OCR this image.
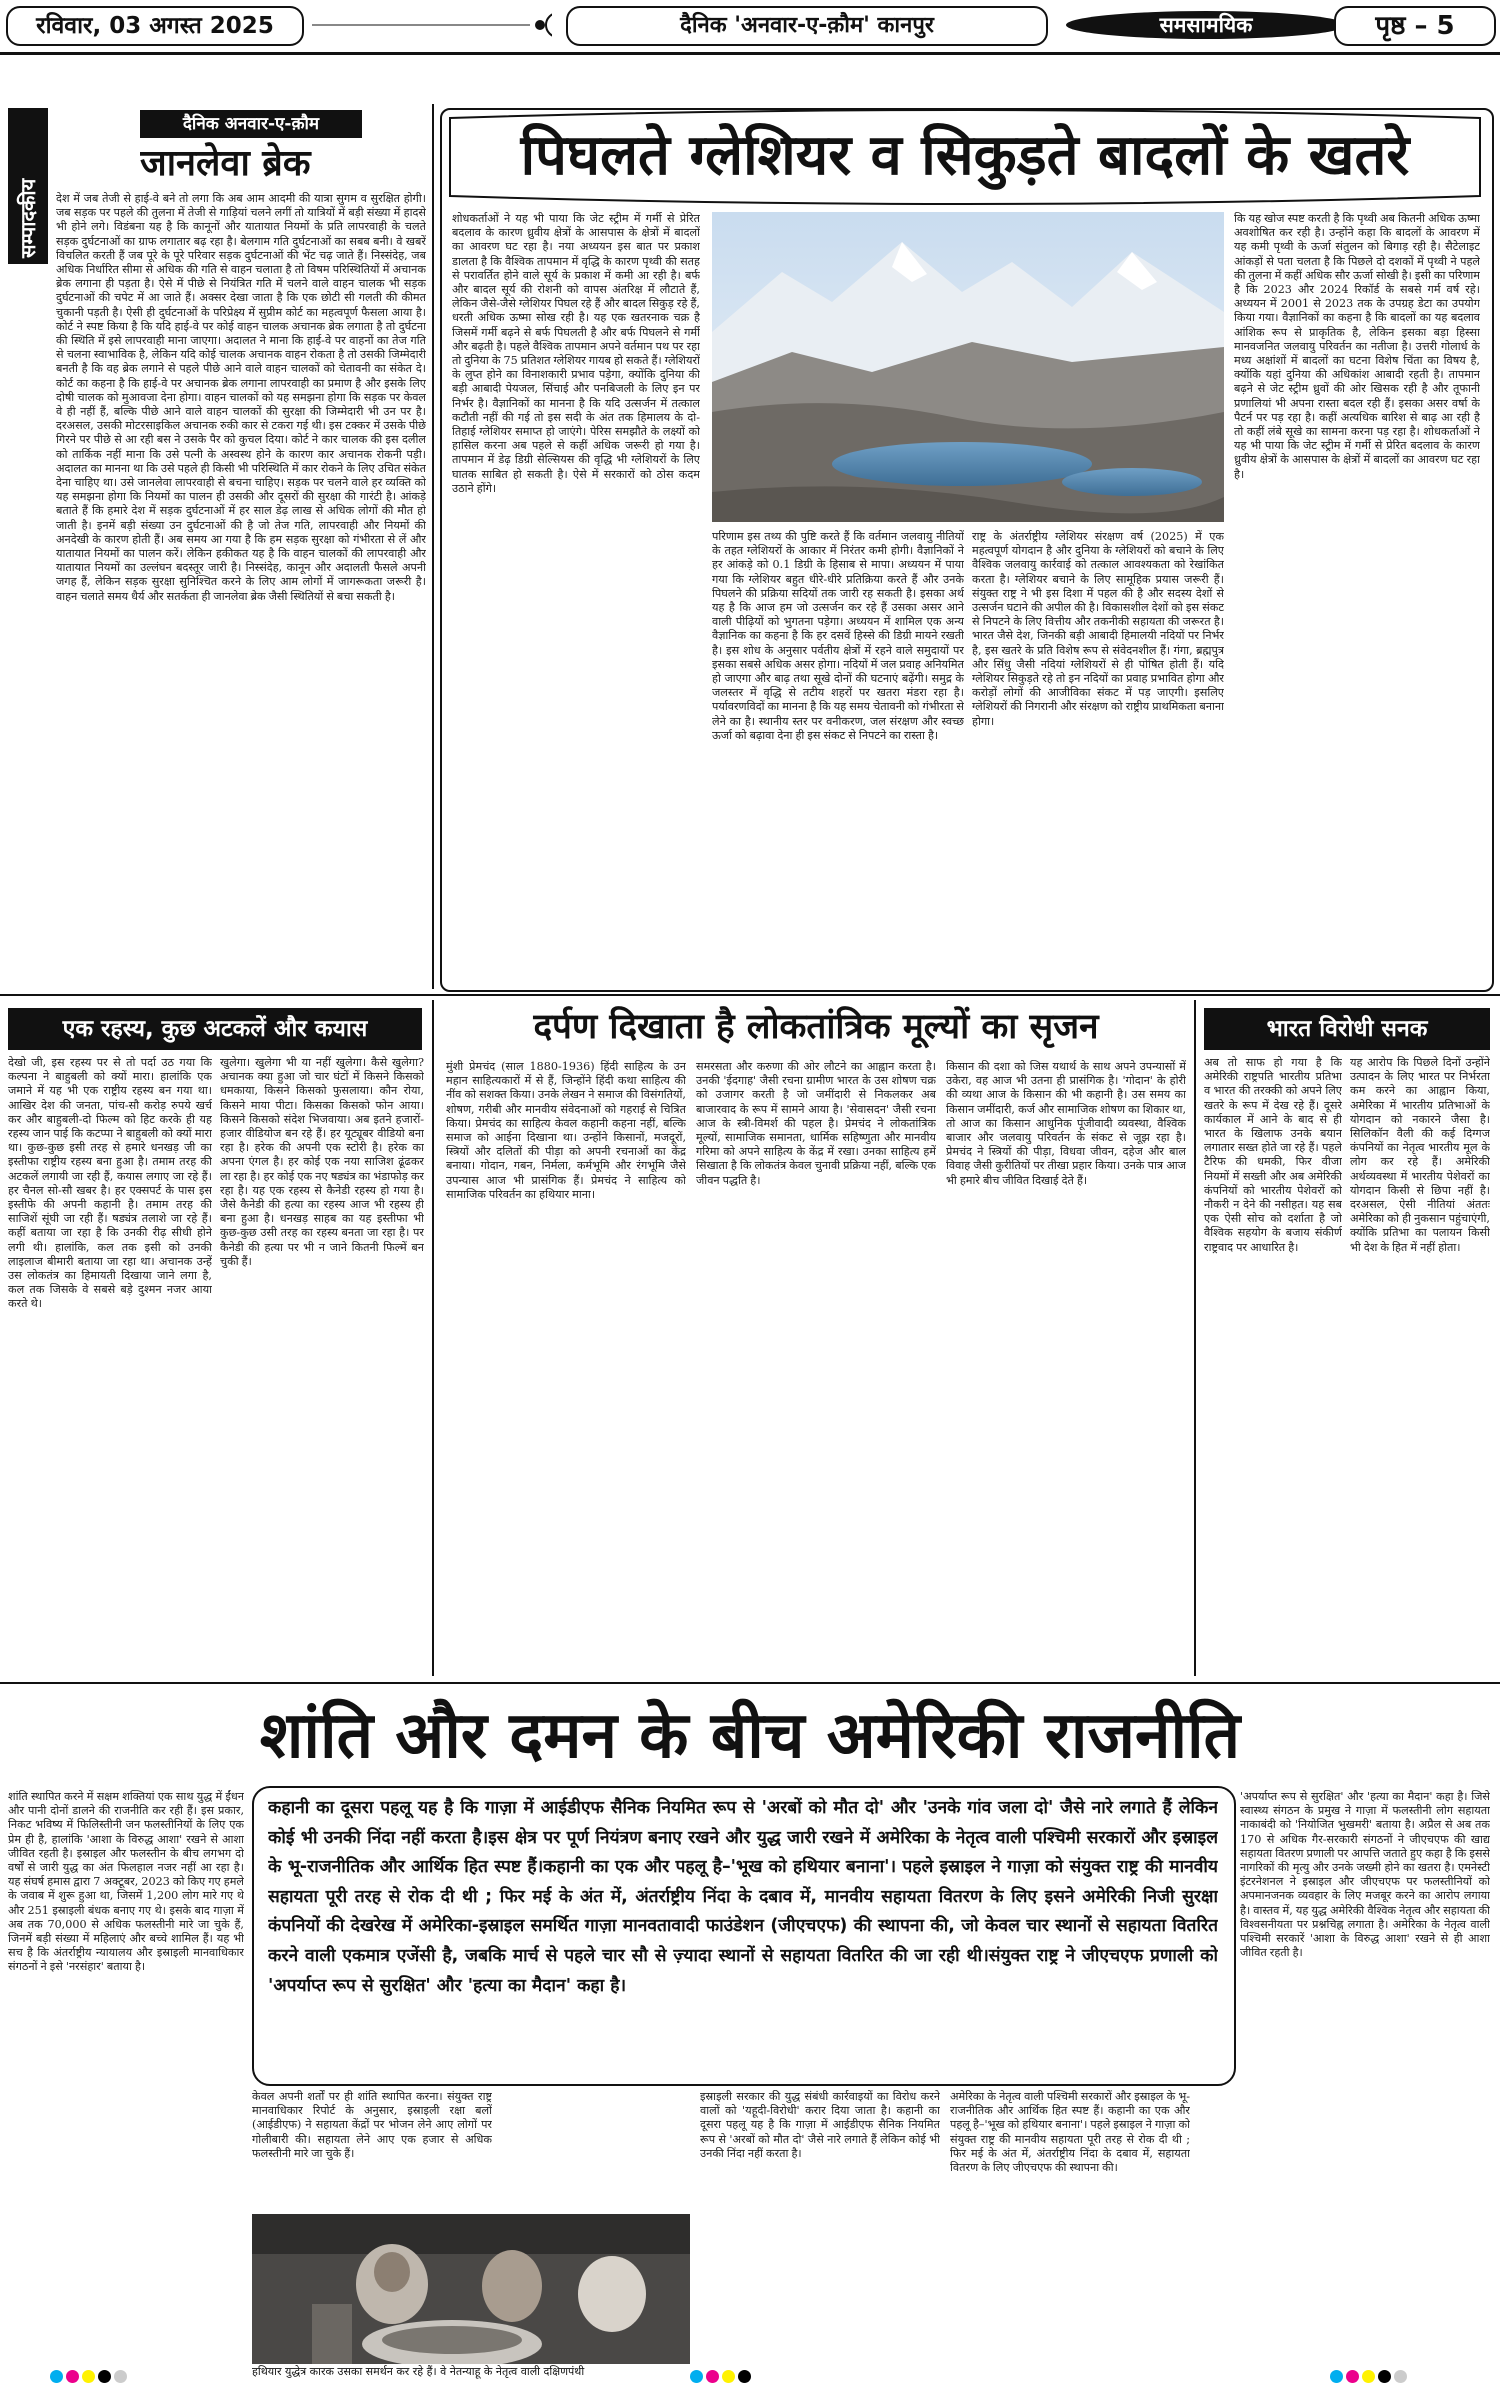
रविवार, 03 अगस्त 2025	दैनिक 'अनवार-ए-क़ौम' कानपुर	समसामयिक	पृष्ठ – 5
सम्पादकीय
दैनिक अनवार-ए-क़ौम
जानलेवा ब्रेक
देश में जब तेजी से हाई-वे बने तो लगा कि अब आम आदमी की यात्रा सुगम व सुरक्षित होगी। जब सड़क पर पहले की तुलना में तेजी से गाड़ियां चलने लगीं तो यात्रियों में बड़ी संख्या में हादसे भी होने लगे। विडंबना यह है कि कानूनों और यातायात नियमों के प्रति लापरवाही के चलते सड़क दुर्घटनाओं का ग्राफ लगातार बढ़ रहा है। बेलगाम गति दुर्घटनाओं का सबब बनी। वे खबरें विचलित करती हैं जब पूरे के पूरे परिवार सड़क दुर्घटनाओं की भेंट चढ़ जाते हैं। निस्संदेह, जब अधिक निर्धारित सीमा से अधिक की गति से वाहन चलाता है तो विषम परिस्थितियों में अचानक ब्रेक लगाना ही पड़ता है। ऐसे में पीछे से नियंत्रित गति में चलने वाले वाहन चालक भी सड़क दुर्घटनाओं की चपेट में आ जाते हैं। अक्सर देखा जाता है कि एक छोटी सी गलती की कीमत चुकानी पड़ती है। ऐसी ही दुर्घटनाओं के परिप्रेक्ष्य में सुप्रीम कोर्ट का महत्वपूर्ण फैसला आया है। कोर्ट ने स्पष्ट किया है कि यदि हाई-वे पर कोई वाहन चालक अचानक ब्रेक लगाता है तो दुर्घटना की स्थिति में इसे लापरवाही माना जाएगा। अदालत ने माना कि हाई-वे पर वाहनों का तेज गति से चलना स्वाभाविक है, लेकिन यदि कोई चालक अचानक वाहन रोकता है तो उसकी जिम्मेदारी बनती है कि वह ब्रेक लगाने से पहले पीछे आने वाले वाहन चालकों को चेतावनी का संकेत दे। कोर्ट का कहना है कि हाई-वे पर अचानक ब्रेक लगाना लापरवाही का प्रमाण है और इसके लिए दोषी चालक को मुआवजा देना होगा। वाहन चालकों को यह समझना होगा कि सड़क पर केवल वे ही नहीं हैं, बल्कि पीछे आने वाले वाहन चालकों की सुरक्षा की जिम्मेदारी भी उन पर है। दरअसल, उसकी मोटरसाइकिल अचानक रुकी कार से टकरा गई थी। इस टक्कर में उसके पीछे गिरने पर पीछे से आ रही बस ने उसके पैर को कुचल दिया। कोर्ट ने कार चालक की इस दलील को तार्किक नहीं माना कि उसे पत्नी के अस्वस्थ होने के कारण कार अचानक रोकनी पड़ी। अदालत का मानना था कि उसे पहले ही किसी भी परिस्थिति में कार रोकने के लिए उचित संकेत देना चाहिए था। उसे जानलेवा लापरवाही से बचना चाहिए। सड़क पर चलने वाले हर व्यक्ति को यह समझना होगा कि नियमों का पालन ही उसकी और दूसरों की सुरक्षा की गारंटी है। आंकड़े बताते हैं कि हमारे देश में सड़क दुर्घटनाओं में हर साल डेढ़ लाख से अधिक लोगों की मौत हो जाती है। इनमें बड़ी संख्या उन दुर्घटनाओं की है जो तेज गति, लापरवाही और नियमों की अनदेखी के कारण होती हैं। अब समय आ गया है कि हम सड़क सुरक्षा को गंभीरता से लें और यातायात नियमों का पालन करें। लेकिन हकीकत यह है कि वाहन चालकों की लापरवाही और यातायात नियमों का उल्लंघन बदस्तूर जारी है। निस्संदेह, कानून और अदालती फैसले अपनी जगह हैं, लेकिन सड़क सुरक्षा सुनिश्चित करने के लिए आम लोगों में जागरूकता जरूरी है। वाहन चलाते समय धैर्य और सतर्कता ही जानलेवा ब्रेक जैसी स्थितियों से बचा सकती है।
पिघलते ग्लेशियर व सिकुड़ते बादलों के खतरे
शोधकर्ताओं ने यह भी पाया कि जेट स्ट्रीम में गर्मी से प्रेरित बदलाव के कारण ध्रुवीय क्षेत्रों के आसपास के क्षेत्रों में बादलों का आवरण घट रहा है। नया अध्ययन इस बात पर प्रकाश डालता है कि वैश्विक तापमान में वृद्धि के कारण पृथ्वी की सतह से परावर्तित होने वाले सूर्य के प्रकाश में कमी आ रही है। बर्फ और बादल सूर्य की रोशनी को वापस अंतरिक्ष में लौटाते हैं, लेकिन जैसे-जैसे ग्लेशियर पिघल रहे हैं और बादल सिकुड़ रहे हैं, धरती अधिक ऊष्मा सोख रही है। यह एक खतरनाक चक्र है जिसमें गर्मी बढ़ने से बर्फ पिघलती है और बर्फ पिघलने से गर्मी और बढ़ती है। पहले वैश्विक तापमान अपने वर्तमान पथ पर रहा तो दुनिया के 75 प्रतिशत ग्लेशियर गायब हो सकते हैं। ग्लेशियरों के लुप्त होने का विनाशकारी प्रभाव पड़ेगा, क्योंकि दुनिया की बड़ी आबादी पेयजल, सिंचाई और पनबिजली के लिए इन पर निर्भर है। वैज्ञानिकों का मानना है कि यदि उत्सर्जन में तत्काल कटौती नहीं की गई तो इस सदी के अंत तक हिमालय के दो-तिहाई ग्लेशियर समाप्त हो जाएंगे। पेरिस समझौते के लक्ष्यों को हासिल करना अब पहले से कहीं अधिक जरूरी हो गया है। तापमान में डेढ़ डिग्री सेल्सियस की वृद्धि भी ग्लेशियरों के लिए घातक साबित हो सकती है। ऐसे में सरकारों को ठोस कदम उठाने होंगे।
परिणाम इस तथ्य की पुष्टि करते हैं कि वर्तमान जलवायु नीतियों के तहत ग्लेशियरों के आकार में निरंतर कमी होगी। वैज्ञानिकों ने हर आंकड़े को 0.1 डिग्री के हिसाब से मापा। अध्ययन में पाया गया कि ग्लेशियर बहुत धीरे-धीरे प्रतिक्रिया करते हैं और उनके पिघलने की प्रक्रिया सदियों तक जारी रह सकती है। इसका अर्थ यह है कि आज हम जो उत्सर्जन कर रहे हैं उसका असर आने वाली पीढ़ियों को भुगतना पड़ेगा। अध्ययन में शामिल एक अन्य वैज्ञानिक का कहना है कि हर दसवें हिस्से की डिग्री मायने रखती है। इस शोध के अनुसार पर्वतीय क्षेत्रों में रहने वाले समुदायों पर इसका सबसे अधिक असर होगा। नदियों में जल प्रवाह अनियमित हो जाएगा और बाढ़ तथा सूखे दोनों की घटनाएं बढ़ेंगी। समुद्र के जलस्तर में वृद्धि से तटीय शहरों पर खतरा मंडरा रहा है। पर्यावरणविदों का मानना है कि यह समय चेतावनी को गंभीरता से लेने का है। स्थानीय स्तर पर वनीकरण, जल संरक्षण और स्वच्छ ऊर्जा को बढ़ावा देना ही इस संकट से निपटने का रास्ता है।
राष्ट्र के अंतर्राष्ट्रीय ग्लेशियर संरक्षण वर्ष (2025) में एक महत्वपूर्ण योगदान है और दुनिया के ग्लेशियरों को बचाने के लिए वैश्विक जलवायु कार्रवाई को तत्काल आवश्यकता को रेखांकित करता है। ग्लेशियर बचाने के लिए सामूहिक प्रयास जरूरी हैं। संयुक्त राष्ट्र ने भी इस दिशा में पहल की है और सदस्य देशों से उत्सर्जन घटाने की अपील की है। विकासशील देशों को इस संकट से निपटने के लिए वित्तीय और तकनीकी सहायता की जरूरत है। भारत जैसे देश, जिनकी बड़ी आबादी हिमालयी नदियों पर निर्भर है, इस खतरे के प्रति विशेष रूप से संवेदनशील हैं। गंगा, ब्रह्मपुत्र और सिंधु जैसी नदियां ग्लेशियरों से ही पोषित होती हैं। यदि ग्लेशियर सिकुड़ते रहे तो इन नदियों का प्रवाह प्रभावित होगा और करोड़ों लोगों की आजीविका संकट में पड़ जाएगी। इसलिए ग्लेशियरों की निगरानी और संरक्षण को राष्ट्रीय प्राथमिकता बनाना होगा।
कि यह खोज स्पष्ट करती है कि पृथ्वी अब कितनी अधिक ऊष्मा अवशोषित कर रही है। उन्होंने कहा कि बादलों के आवरण में यह कमी पृथ्वी के ऊर्जा संतुलन को बिगाड़ रही है। सैटेलाइट आंकड़ों से पता चलता है कि पिछले दो दशकों में पृथ्वी ने पहले की तुलना में कहीं अधिक सौर ऊर्जा सोखी है। इसी का परिणाम है कि 2023 और 2024 रिकॉर्ड के सबसे गर्म वर्ष रहे। अध्ययन में 2001 से 2023 तक के उपग्रह डेटा का उपयोग किया गया। वैज्ञानिकों का कहना है कि बादलों का यह बदलाव आंशिक रूप से प्राकृतिक है, लेकिन इसका बड़ा हिस्सा मानवजनित जलवायु परिवर्तन का नतीजा है। उत्तरी गोलार्ध के मध्य अक्षांशों में बादलों का घटना विशेष चिंता का विषय है, क्योंकि यहां दुनिया की अधिकांश आबादी रहती है। तापमान बढ़ने से जेट स्ट्रीम ध्रुवों की ओर खिसक रही है और तूफानी प्रणालियां भी अपना रास्ता बदल रही हैं। इसका असर वर्षा के पैटर्न पर पड़ रहा है। कहीं अत्यधिक बारिश से बाढ़ आ रही है तो कहीं लंबे सूखे का सामना करना पड़ रहा है। शोधकर्ताओं ने यह भी पाया कि जेट स्ट्रीम में गर्मी से प्रेरित बदलाव के कारण ध्रुवीय क्षेत्रों के आसपास के क्षेत्रों में बादलों का आवरण घट रहा है।
एक रहस्य, कुछ अटकलें और कयास
देखो जी, इस रहस्य पर से तो पर्दा उठ गया कि कल्पना ने बाहुबली को क्यों मारा। हालांकि एक जमाने में यह भी एक राष्ट्रीय रहस्य बन गया था। आखिर देश की जनता, पांच-सौ करोड़ रुपये खर्च कर और बाहुबली-दो फिल्म को हिट करके ही यह रहस्य जान पाई कि कटप्पा ने बाहुबली को क्यों मारा था। कुछ-कुछ इसी तरह से हमारे धनखड़ जी का इस्तीफा राष्ट्रीय रहस्य बना हुआ है। तमाम तरह की अटकलें लगायी जा रही हैं, कयास लगाए जा रहे हैं। हर चैनल सो-सौ खबर है। हर एक्सपर्ट के पास इस इस्तीफे की अपनी कहानी है। तमाम तरह की साजिशें सूंघी जा रही हैं। षड्यंत्र तलाशे जा रहे हैं। कहीं बताया जा रहा है कि उनकी रीढ़ सीधी होने लगी थी। हालांकि, कल तक इसी को उनकी लाइलाज बीमारी बताया जा रहा था। अचानक उन्हें उस लोकतंत्र का हिमायती दिखाया जाने लगा है, कल तक जिसके वे सबसे बड़े दुश्मन नजर आया करते थे।
खुलेगा। खुलेगा भी या नहीं खुलेगा। कैसे खुलेगा? अचानक क्या हुआ जो चार घंटों में किसने किसको धमकाया, किसने किसको फुसलाया। कौन रोया, किसने माया पीटा। किसका किसको फोन आया। किसने किसको संदेश भिजवाया। अब इतने हजारों-हजार वीडियोज बन रहे हैं। हर यूट्यूबर वीडियो बना रहा है। हरेक की अपनी एक स्टोरी है। हरेक का अपना एंगल है। हर कोई एक नया साजिश ढूंढकर ला रहा है। हर कोई एक नए षड्यंत्र का भंडाफोड़ कर रहा है। यह एक रहस्य से कैनेडी रहस्य हो गया है। जैसे कैनेडी की हत्या का रहस्य आज भी रहस्य ही बना हुआ है। धनखड़ साहब का यह इस्तीफा भी कुछ-कुछ उसी तरह का रहस्य बनता जा रहा है। पर कैनेडी की हत्या पर भी न जाने कितनी फिल्में बन चुकी हैं।
दर्पण दिखाता है लोकतांत्रिक मूल्यों का सृजन
मुंशी प्रेमचंद (साल 1880-1936) हिंदी साहित्य के उन महान साहित्यकारों में से हैं, जिन्होंने हिंदी कथा साहित्य की नींव को सशक्त किया। उनके लेखन ने समाज की विसंगतियों, शोषण, गरीबी और मानवीय संवेदनाओं को गहराई से चित्रित किया। प्रेमचंद का साहित्य केवल कहानी कहना नहीं, बल्कि समाज को आईना दिखाना था। उन्होंने किसानों, मजदूरों, स्त्रियों और दलितों की पीड़ा को अपनी रचनाओं का केंद्र बनाया। गोदान, गबन, निर्मला, कर्मभूमि और रंगभूमि जैसे उपन्यास आज भी प्रासंगिक हैं। प्रेमचंद ने साहित्य को सामाजिक परिवर्तन का हथियार माना।
समरसता और करुणा की ओर लौटने का आह्वान करता है। उनकी 'ईदगाह' जैसी रचना ग्रामीण भारत के उस शोषण चक्र को उजागर करती है जो जमींदारी से निकलकर अब बाजारवाद के रूप में सामने आया है। 'सेवासदन' जैसी रचना आज के स्त्री-विमर्श की पहल है। प्रेमचंद ने लोकतांत्रिक मूल्यों, सामाजिक समानता, धार्मिक सहिष्णुता और मानवीय गरिमा को अपने साहित्य के केंद्र में रखा। उनका साहित्य हमें सिखाता है कि लोकतंत्र केवल चुनावी प्रक्रिया नहीं, बल्कि एक जीवन पद्धति है।
किसान की दशा को जिस यथार्थ के साथ अपने उपन्यासों में उकेरा, वह आज भी उतना ही प्रासंगिक है। 'गोदान' के होरी की व्यथा आज के किसान की भी कहानी है। उस समय का किसान जमींदारी, कर्ज और सामाजिक शोषण का शिकार था, तो आज का किसान आधुनिक पूंजीवादी व्यवस्था, वैश्विक बाजार और जलवायु परिवर्तन के संकट से जूझ रहा है। प्रेमचंद ने स्त्रियों की पीड़ा, विधवा जीवन, दहेज और बाल विवाह जैसी कुरीतियों पर तीखा प्रहार किया। उनके पात्र आज भी हमारे बीच जीवित दिखाई देते हैं।
भारत विरोधी सनक
अब तो साफ हो गया है कि अमेरिकी राष्ट्रपति भारतीय प्रतिभा व भारत की तरक्की को अपने लिए खतरे के रूप में देख रहे हैं। दूसरे कार्यकाल में आने के बाद से ही भारत के खिलाफ उनके बयान लगातार सख्त होते जा रहे हैं। पहले टैरिफ की धमकी, फिर वीजा नियमों में सख्ती और अब अमेरिकी कंपनियों को भारतीय पेशेवरों को नौकरी न देने की नसीहत। यह सब एक ऐसी सोच को दर्शाता है जो वैश्विक सहयोग के बजाय संकीर्ण राष्ट्रवाद पर आधारित है।
यह आरोप कि पिछले दिनों उन्होंने उत्पादन के लिए भारत पर निर्भरता कम करने का आह्वान किया, अमेरिका में भारतीय प्रतिभाओं के योगदान को नकारने जैसा है। सिलिकॉन वैली की कई दिग्गज कंपनियों का नेतृत्व भारतीय मूल के लोग कर रहे हैं। अमेरिकी अर्थव्यवस्था में भारतीय पेशेवरों का योगदान किसी से छिपा नहीं है। दरअसल, ऐसी नीतियां अंततः अमेरिका को ही नुकसान पहुंचाएंगी, क्योंकि प्रतिभा का पलायन किसी भी देश के हित में नहीं होता।
शांति और दमन के बीच अमेरिकी राजनीति
शांति स्थापित करने में सक्षम शक्तियां एक साथ युद्ध में ईंधन और पानी दोनों डालने की राजनीति कर रही हैं। इस प्रकार, निकट भविष्य में फिलिस्तीनी जन फलस्तीनियों के लिए एक प्रेम ही है, हालांकि 'आशा के विरुद्ध आशा' रखने से आशा जीवित रहती है। इस्राइल और फलस्तीन के बीच लगभग दो वर्षों से जारी युद्ध का अंत फिलहाल नजर नहीं आ रहा है। यह संघर्ष हमास द्वारा 7 अक्टूबर, 2023 को किए गए हमले के जवाब में शुरू हुआ था, जिसमें 1,200 लोग मारे गए थे और 251 इस्राइली बंधक बनाए गए थे। इसके बाद गाज़ा में अब तक 70,000 से अधिक फलस्तीनी मारे जा चुके हैं, जिनमें बड़ी संख्या में महिलाएं और बच्चे शामिल हैं। यह भी सच है कि अंतर्राष्ट्रीय न्यायालय और इस्राइली मानवाधिकार संगठनों ने इसे 'नरसंहार' बताया है।
कहानी का दूसरा पहलू यह है कि गाज़ा में आईडीएफ सैनिक नियमित रूप से 'अरबों को मौत दो' और 'उनके गांव जला दो' जैसे नारे लगाते हैं लेकिन कोई भी उनकी निंदा नहीं करता है।इस क्षेत्र पर पूर्ण नियंत्रण बनाए रखने और युद्ध जारी रखने में अमेरिका के नेतृत्व वाली पश्चिमी सरकारों और इस्राइल के भू-राजनीतिक और आर्थिक हित स्पष्ट हैं।कहानी का एक और पहलू है–'भूख को हथियार बनाना'। पहले इस्राइल ने गाज़ा को संयुक्त राष्ट्र की मानवीय सहायता पूरी तरह से रोक दी थी ; फिर मई के अंत में, अंतर्राष्ट्रीय निंदा के दबाव में, मानवीय सहायता वितरण के लिए इसने अमेरिकी निजी सुरक्षा कंपनियों की देखरेख में अमेरिका-इस्राइल समर्थित गाज़ा मानवतावादी फाउंडेशन (जीएचएफ) की स्थापना की, जो केवल चार स्थानों से सहायता वितरित करने वाली एकमात्र एजेंसी है, जबकि मार्च से पहले चार सौ से ज़्यादा स्थानों से सहायता वितरित की जा रही थी।संयुक्त राष्ट्र ने जीएचएफ प्रणाली को 'अपर्याप्त रूप से सुरक्षित' और 'हत्या का मैदान' कहा है।
केवल अपनी शर्तों पर ही शांति स्थापित करना। संयुक्त राष्ट्र मानवाधिकार रिपोर्ट के अनुसार, इस्राइली रक्षा बलों (आईडीएफ) ने सहायता केंद्रों पर भोजन लेने आए लोगों पर गोलीबारी की। सहायता लेने आए एक हजार से अधिक फलस्तीनी मारे जा चुके हैं।
हथियार युद्धेत्र कारक उसका समर्थन कर रहे हैं। वे नेतन्याहू के नेतृत्व वाली दक्षिणपंथी
इस्राइली सरकार की युद्ध संबंधी कार्रवाइयों का विरोध करने वालों को 'यहूदी-विरोधी' करार दिया जाता है। कहानी का दूसरा पहलू यह है कि गाज़ा में आईडीएफ सैनिक नियमित रूप से 'अरबों को मौत दो' जैसे नारे लगाते हैं लेकिन कोई भी उनकी निंदा नहीं करता है।
अमेरिका के नेतृत्व वाली पश्चिमी सरकारों और इस्राइल के भू-राजनीतिक और आर्थिक हित स्पष्ट हैं। कहानी का एक और पहलू है–'भूख को हथियार बनाना'। पहले इस्राइल ने गाज़ा को संयुक्त राष्ट्र की मानवीय सहायता पूरी तरह से रोक दी थी ; फिर मई के अंत में, अंतर्राष्ट्रीय निंदा के दबाव में, सहायता वितरण के लिए जीएचएफ की स्थापना की।
'अपर्याप्त रूप से सुरक्षित' और 'हत्या का मैदान' कहा है। जिसे स्वास्थ्य संगठन के प्रमुख ने गाज़ा में फलस्तीनी लोग सहायता नाकाबंदी को 'नियोजित भुखमरी' बताया है। अप्रैल से अब तक 170 से अधिक गैर-सरकारी संगठनों ने जीएचएफ की खाद्य सहायता वितरण प्रणाली पर आपत्ति जताते हुए कहा है कि इससे नागरिकों की मृत्यु और उनके जख्मी होने का खतरा है। एमनेस्टी इंटरनेशनल ने इस्राइल और जीएचएफ पर फलस्तीनियों को अपमानजनक व्यवहार के लिए मजबूर करने का आरोप लगाया है। वास्तव में, यह युद्ध अमेरिकी वैश्विक नेतृत्व और सहायता की विश्वसनीयता पर प्रश्नचिह्न लगाता है। अमेरिका के नेतृत्व वाली पश्चिमी सरकारें 'आशा के विरुद्ध आशा' रखने से ही आशा जीवित रहती है।
